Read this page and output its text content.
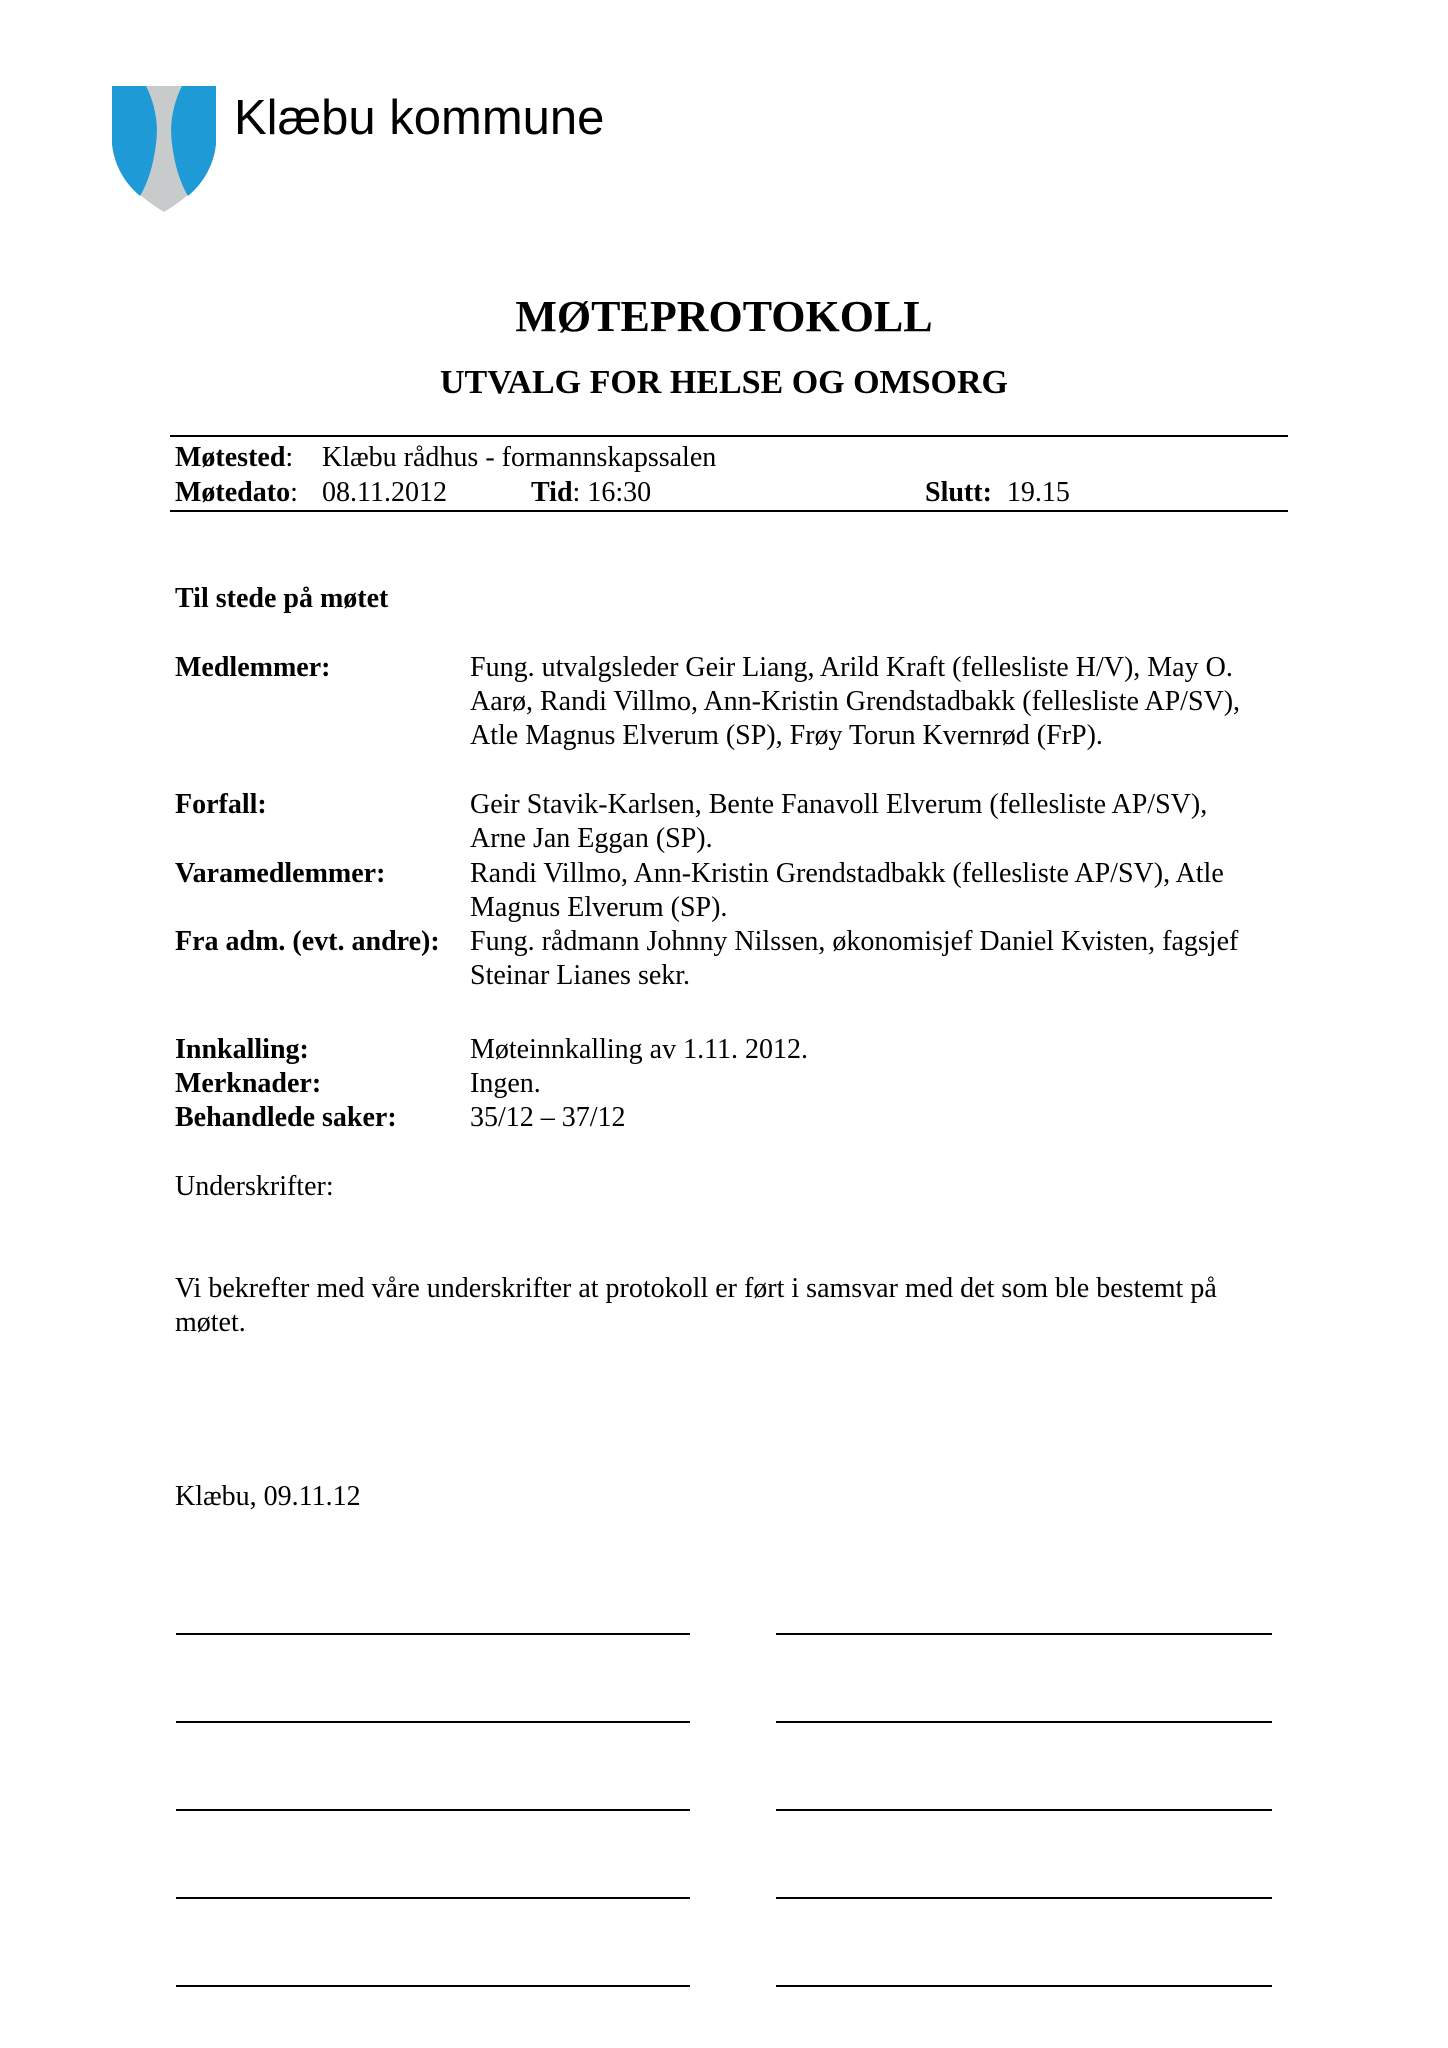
Klæbu kommune
MØTEPROTOKOLL
UTVALG FOR HELSE OG OMSORG
Møtested: Klæbu rådhus - formannskapssalen
Møtedato: 08.11.2012	Tid: 16:30	Slutt: 19.15
Til stede på møtet
Medlemmer:	Fung. utvalgsleder Geir Liang, Arild Kraft (fellesliste H/V), May O.
Aarø, Randi Villmo, Ann-Kristin Grendstadbakk (fellesliste AP/SV),
Atle Magnus Elverum (SP), Frøy Torun Kvernrød (FrP).
Forfall:	Geir Stavik-Karlsen, Bente Fanavoll Elverum (fellesliste AP/SV),
Arne Jan Eggan (SP).
Varamedlemmer:	Randi Villmo, Ann-Kristin Grendstadbakk (fellesliste AP/SV), Atle
Magnus Elverum (SP).
Fra adm. (evt. andre): Fung. rådmann Johnny Nilssen, økonomisjef Daniel Kvisten, fagsjef
Steinar Lianes sekr.
Innkalling:	Møteinnkalling av 1.11. 2012.
Merknader:	Ingen.
Behandlede saker:	35/12 – 37/12
Underskrifter:
Vi bekrefter med våre underskrifter at protokoll er ført i samsvar med det som ble bestemt på
møtet.
Klæbu, 09.11.12
